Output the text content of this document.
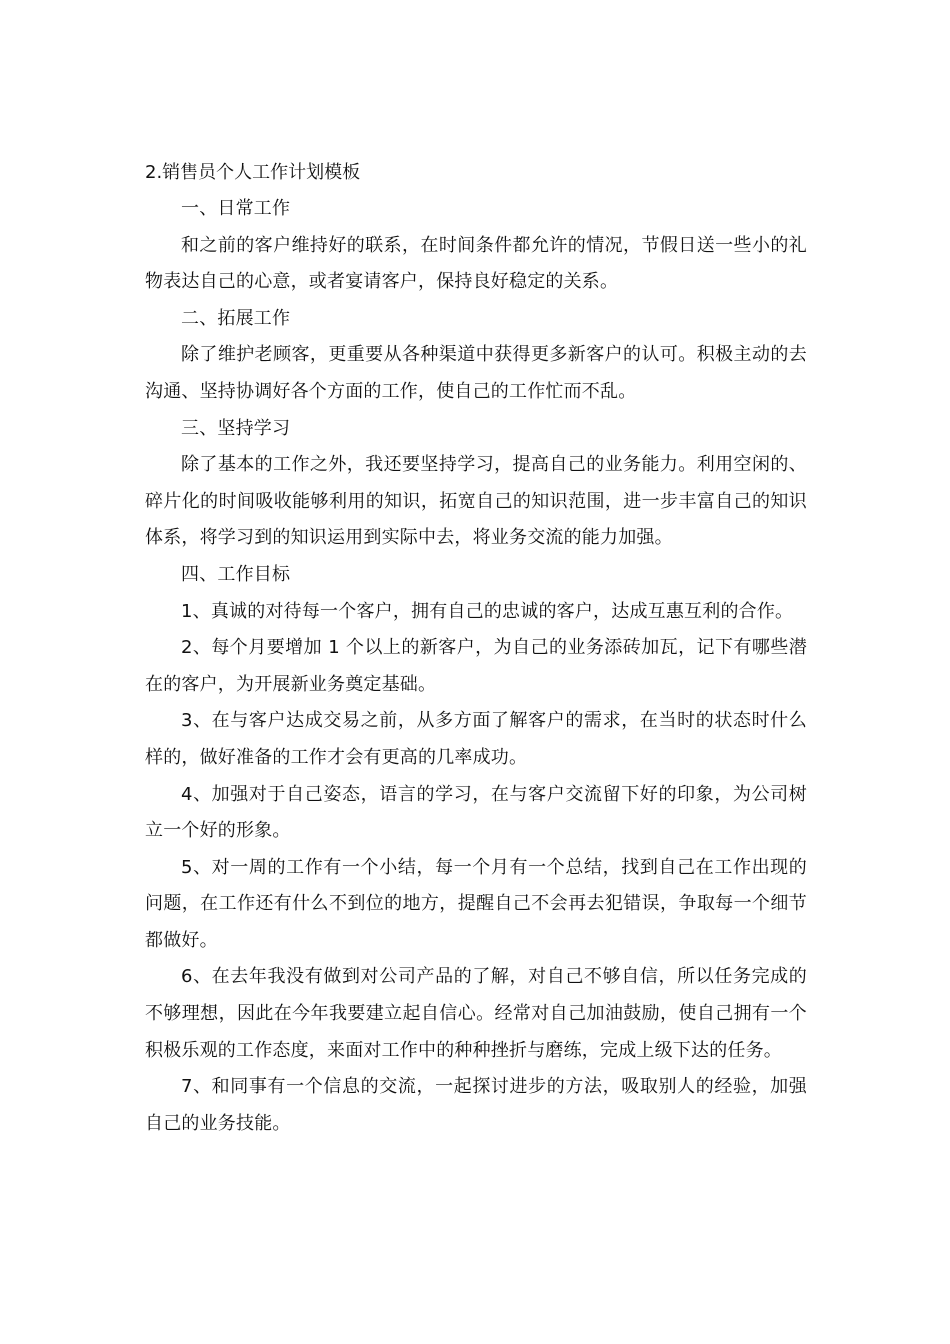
2.销售员个人工作计划模板

一、日常工作

和之前的客户维持好的联系，在时间条件都允许的情况，节假日送一些小的礼物表达自己的心意，或者宴请客户，保持良好稳定的关系。

二、拓展工作

除了维护老顾客，更重要从各种渠道中获得更多新客户的认可。积极主动的去沟通、坚持协调好各个方面的工作，使自己的工作忙而不乱。

三、坚持学习

除了基本的工作之外，我还要坚持学习，提高自己的业务能力。利用空闲的、碎片化的时间吸收能够利用的知识，拓宽自己的知识范围，进一步丰富自己的知识体系，将学习到的知识运用到实际中去，将业务交流的能力加强。

四、工作目标

1、真诚的对待每一个客户，拥有自己的忠诚的客户，达成互惠互利的合作。

2、每个月要增加 1 个以上的新客户，为自己的业务添砖加瓦，记下有哪些潜在的客户，为开展新业务奠定基础。

3、在与客户达成交易之前，从多方面了解客户的需求，在当时的状态时什么样的，做好准备的工作才会有更高的几率成功。

4、加强对于自己姿态，语言的学习，在与客户交流留下好的印象，为公司树立一个好的形象。

5、对一周的工作有一个小结，每一个月有一个总结，找到自己在工作出现的问题，在工作还有什么不到位的地方，提醒自己不会再去犯错误，争取每一个细节都做好。

6、在去年我没有做到对公司产品的了解，对自己不够自信，所以任务完成的不够理想，因此在今年我要建立起自信心。经常对自己加油鼓励，使自己拥有一个积极乐观的工作态度，来面对工作中的种种挫折与磨练，完成上级下达的任务。

7、和同事有一个信息的交流，一起探讨进步的方法，吸取别人的经验，加强自己的业务技能。
